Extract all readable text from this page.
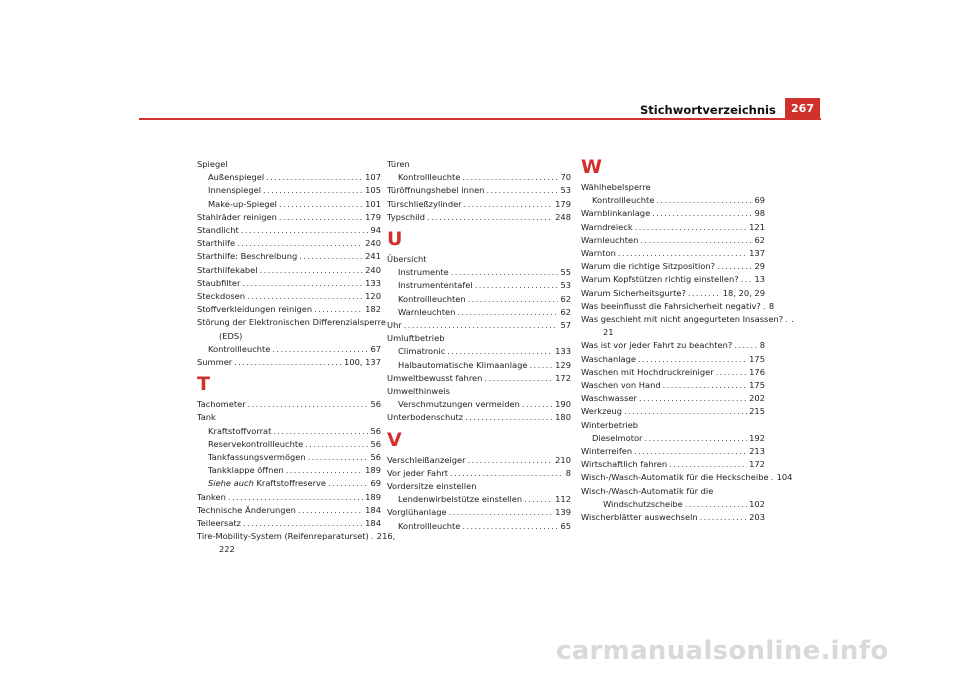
Stichwortverzeichnis	267
Spiegel
Außenspiegel .....	107
Innenspiegel .....	105
Make-up-Spiegel .....	101
Stahlräder reinigen .....	179
Standlicht .....	94
Starthilfe .....	240
Starthilfe: Beschreibung .....	241
Starthilfekabel .....	240
Staubfilter .....	133
Steckdosen .....	120
Stoffverkleidungen reinigen .....	182
Störung der Elektronischen Differenzialsperre
(EDS)
Kontrollleuchte .....	67
Summer .....	100, 137
T
Tachometer .....	56
Tank
Kraftstoffvorrat .....	56
Reservekontrollleuchte .....	56
Tankfassungsvermögen .....	56
Tankklappe öffnen .....	189
Siehe auch Kraftstoffreserve .....	69
Tanken .....	189
Technische Änderungen .....	184
Teileersatz .....	184
Tire-Mobility-System (Reifenreparaturset) ..... 216,
222
Türen
Kontrollleuchte .....	70
Türöffnungshebel innen .....	53
Türschließzylinder .....	179
Typschild .....	248
U
Übersicht
Instrumente .....	55
Instrumententafel .....	53
Kontrollleuchten .....	62
Warnleuchten .....	62
Uhr .....	57
Umluftbetrieb
Climatronic .....	133
Halbautomatische Klimaanlage .....	129
Umweltbewusst fahren .....	172
Umwelthinweis
Verschmutzungen vermeiden .....	190
Unterbodenschutz .....	180
V
Verschleißanzeiger .....	210
Vor jeder Fahrt .....	8
Vordersitze einstellen
Lendenwirbelstütze einstellen .....	112
Vorglühanlage .....	139
Kontrollleuchte .....	65
W
Wählhebelsperre
Kontrollleuchte .....	69
Warnblinkanlage .....	98
Warndreieck .....	121
Warnleuchten .....	62
Warnton .....	137
Warum die richtige Sitzposition? .....	29
Warum Kopfstützen richtig einstellen? ..... 13
Warum Sicherheitsgurte? .....	18, 20, 29
Was beeinflusst die Fahrsicherheit negativ? ..... 8
Was geschieht mit nicht angegurteten Insassen? ..... .
21
Was ist vor jeder Fahrt zu beachten? .....	8
Waschanlage .....	175
Waschen mit Hochdruckreiniger .....	176
Waschen von Hand .....	175
Waschwasser .....	202
Werkzeug .....	215
Winterbetrieb
Dieselmotor .....	192
Winterreifen .....	213
Wirtschaftlich fahren .....	172
Wisch-/Wasch-Automatik für die Heckscheibe ..... 104
Wisch-/Wasch-Automatik für die
Windschutzscheibe .....	102
Wischerblätter auswechseln .....	203
carmanualsonline.info
